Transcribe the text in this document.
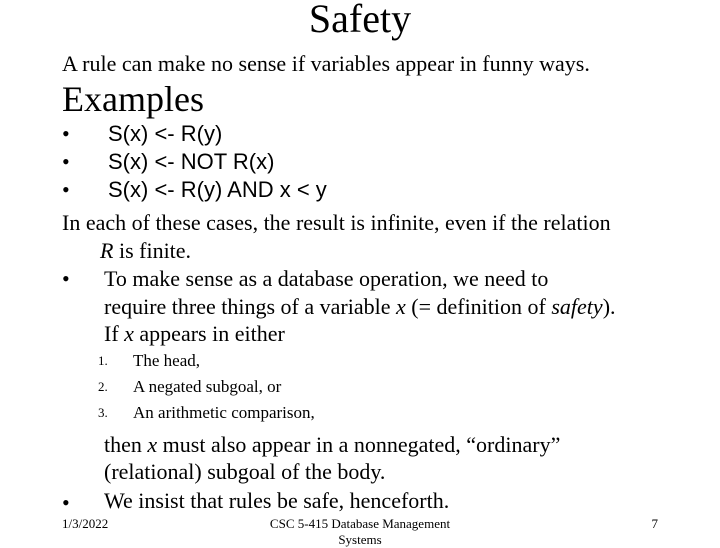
Safety
A rule can make no sense if variables appear in funny ways.
Examples
• S(x) <- R(y)
• S(x) <- NOT R(x)
• S(x) <- R(y) AND x < y
In each of these cases, the result is infinite, even if the relation
R is finite.
• To make sense as a database operation, we need to
require three things of a variable x (= definition of safety).
If x appears in either
1. The head,
2. A negated subgoal, or
3. An arithmetic comparison,
then x must also appear in a nonnegated, “ordinary”
(relational) subgoal of the body.
• We insist that rules be safe, henceforth.
1/3/2022	CSC 5-415 Database Management
Systems
7
